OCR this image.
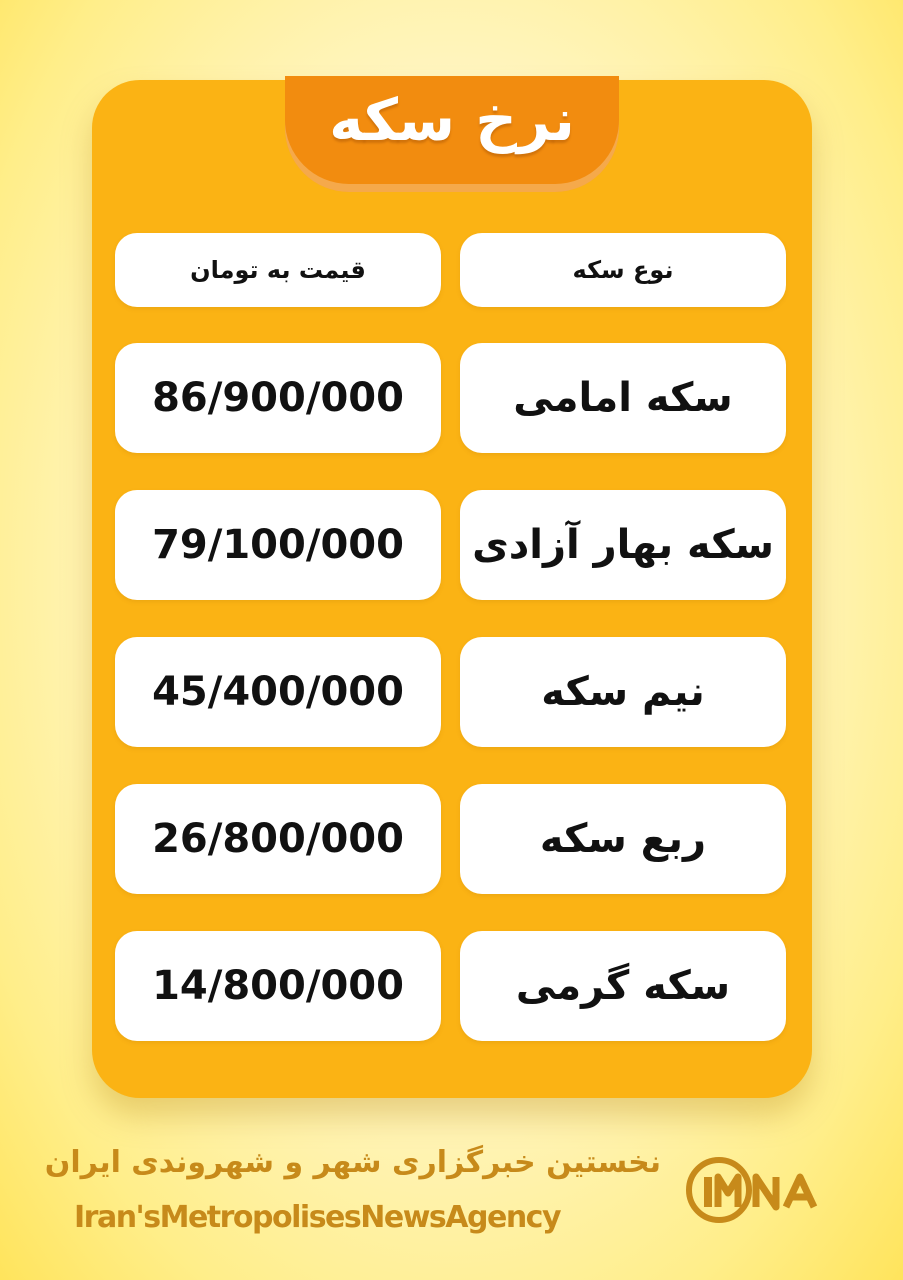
نرخ سکه
نوع سکه
قیمت به تومان
سکه امامی
86/900/000
سکه بهار آزادی
79/100/000
نیم سکه
45/400/000
ربع سکه
26/800/000
سکه گرمی
14/800/000
نخستین خبرگزاری شهر و شهروندی ایران
Iran'sMetropolisesNewsAgency
